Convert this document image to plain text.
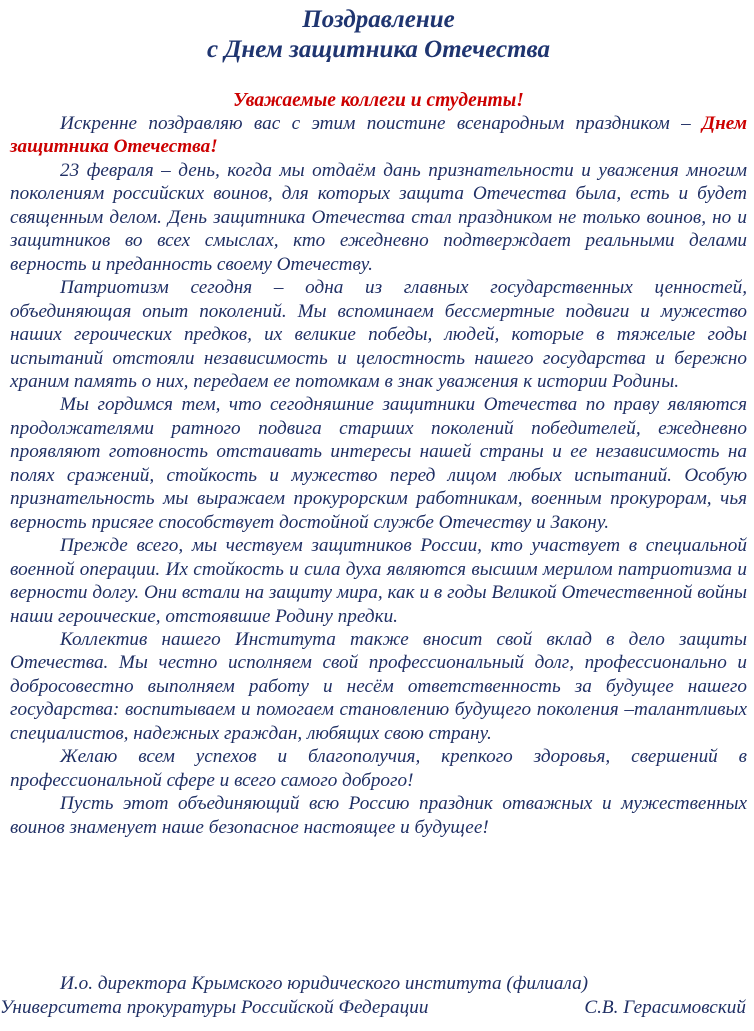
Поздравление
с Днем защитника Отечества
Уважаемые коллеги и студенты!

Искренне поздравляю вас с этим поистине всенародным праздником – Днем защитника Отечества!

23 февраля – день, когда мы отдаём дань признательности и уважения многим поколениям российских воинов, для которых защита Отечества была, есть и будет священным делом. День защитника Отечества стал праздником не только воинов, но и защитников во всех смыслах, кто ежедневно подтверждает реальными делами верность и преданность своему Отечеству.

Патриотизм сегодня – одна из главных государственных ценностей, объединяющая опыт поколений. Мы вспоминаем бессмертные подвиги и мужество наших героических предков, их великие победы, людей, которые в тяжелые годы испытаний отстояли независимость и целостность нашего государства и бережно храним память о них, передаем ее потомкам в знак уважения к истории Родины.

Мы гордимся тем, что сегодняшние защитники Отечества по праву являются продолжателями ратного подвига старших поколений победителей, ежедневно проявляют готовность отстаивать интересы нашей страны и ее независимость на полях сражений, стойкость и мужество перед лицом любых испытаний. Особую признательность мы выражаем прокурорским работникам, военным прокурорам, чья верность присяге способствует достойной службе Отечеству и Закону.

Прежде всего, мы чествуем защитников России, кто участвует в специальной военной операции. Их стойкость и сила духа являются высшим мерилом патриотизма и верности долгу. Они встали на защиту мира, как и в годы Великой Отечественной войны наши героические, отстоявшие Родину предки.

Коллектив нашего Института также вносит свой вклад в дело защиты Отечества. Мы честно исполняем свой профессиональный долг, профессионально и добросовестно выполняем работу и несём ответственность за будущее нашего государства: воспитываем и помогаем становлению будущего поколения –талантливых специалистов, надежных граждан, любящих свою страну.

Желаю всем успехов и благополучия, крепкого здоровья, свершений в профессиональной сфере и всего самого доброго!

Пусть этот объединяющий всю Россию праздник отважных и мужественных воинов знаменует наше безопасное настоящее и будущее!

И.о. директора Крымского юридического института (филиала)
Университета прокуратуры Российской Федерации	С.В. Герасимовский
